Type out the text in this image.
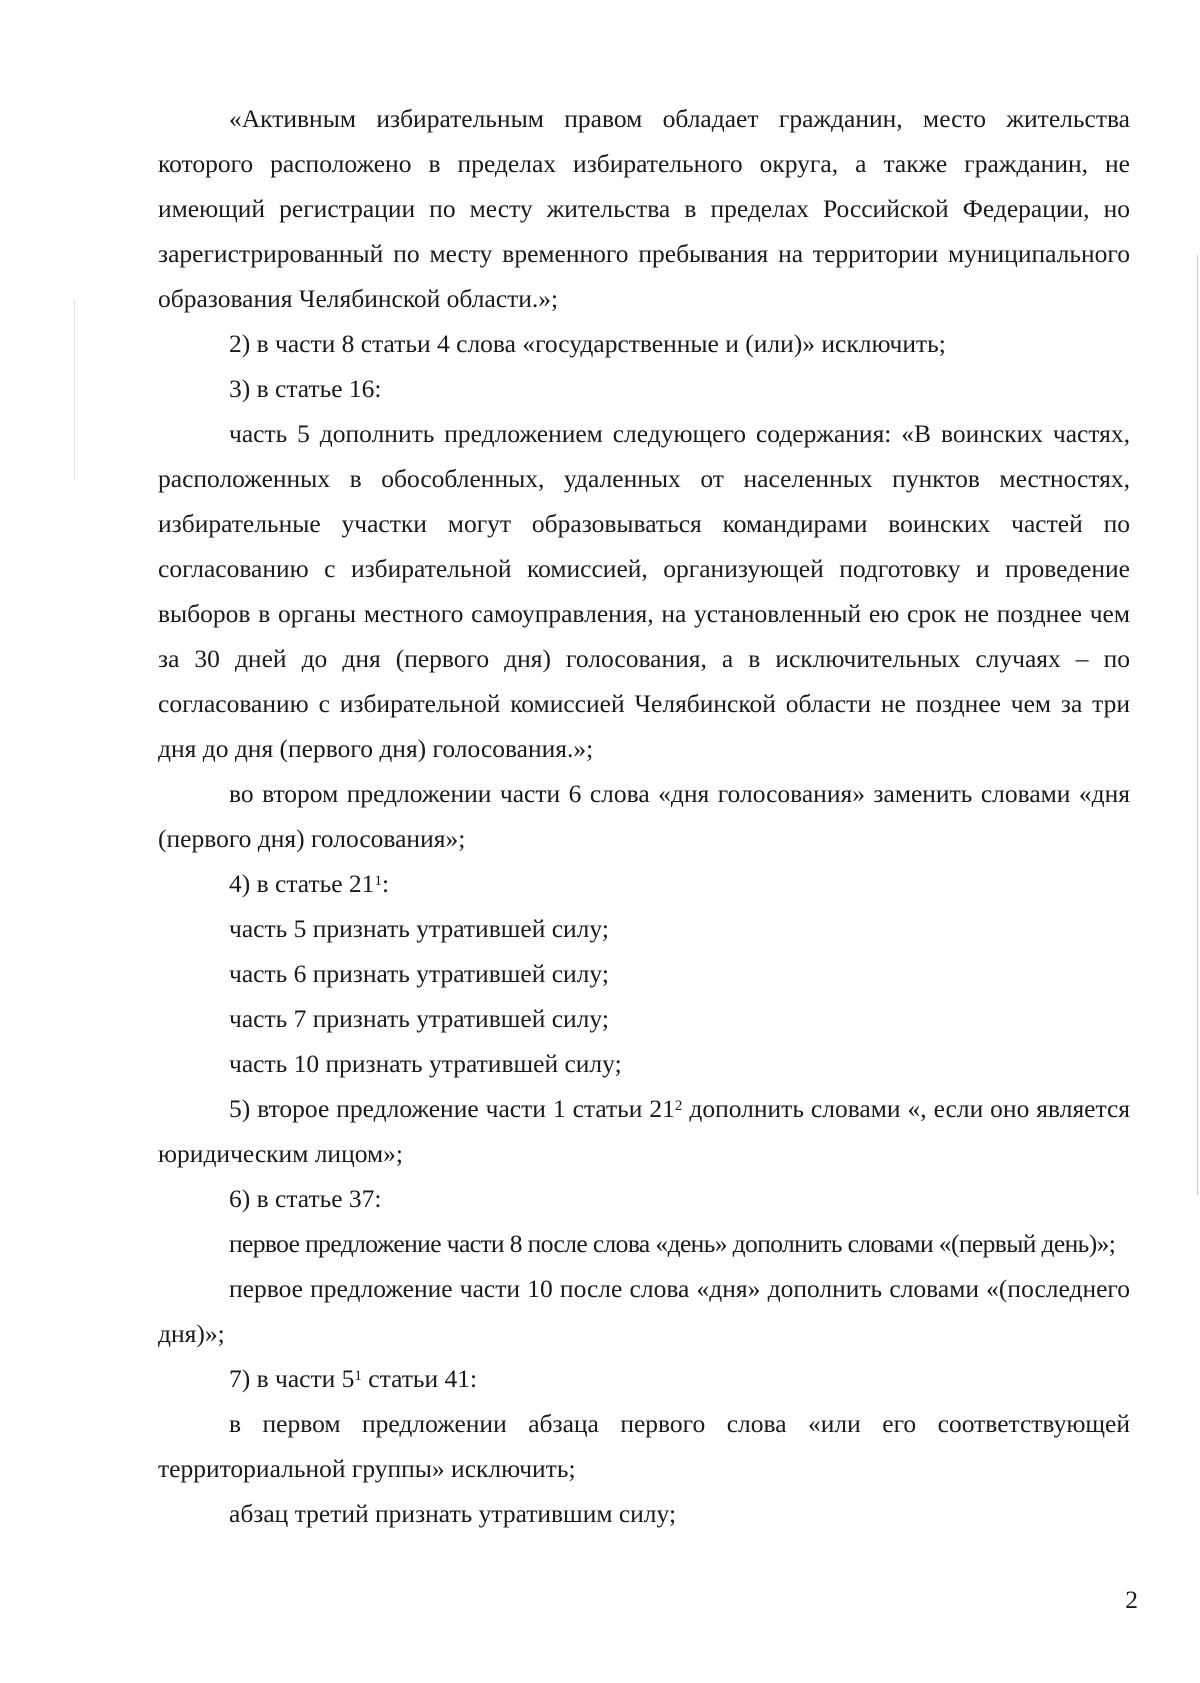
«Активным избирательным правом обладает гражданин, место жительства которого расположено в пределах избирательного округа, а также гражданин, не имеющий регистрации по месту жительства в пределах Российской Федерации, но зарегистрированный по месту временного пребывания на территории муниципального образования Челябинской области.»;

2) в части 8 статьи 4 слова «государственные и (или)» исключить;

3) в статье 16:

часть 5 дополнить предложением следующего содержания: «В воинских частях, расположенных в обособленных, удаленных от населенных пунктов местностях, избирательные участки могут образовываться командирами воинских частей по согласованию с избирательной комиссией, организующей подготовку и проведение выборов в органы местного самоуправления, на установленный ею срок не позднее чем за 30 дней до дня (первого дня) голосования, а в исключительных случаях – по согласованию с избирательной комиссией Челябинской области не позднее чем за три дня до дня (первого дня) голосования.»;

во втором предложении части 6 слова «дня голосования» заменить словами «дня (первого дня) голосования»;

4) в статье $21^1$:

часть 5 признать утратившей силу;

часть 6 признать утратившей силу;

часть 7 признать утратившей силу;

часть 10 признать утратившей силу;

5) второе предложение части 1 статьи $21^2$ дополнить словами «, если оно является юридическим лицом»;

6) в статье 37:

первое предложение части 8 после слова «день» дополнить словами «(первый день)»;

первое предложение части 10 после слова «дня» дополнить словами «(последнего дня)»;

7) в части $5^1$ статьи 41:

в первом предложении абзаца первого слова «или его соответствующей территориальной группы» исключить;

абзац третий признать утратившим силу;

2
